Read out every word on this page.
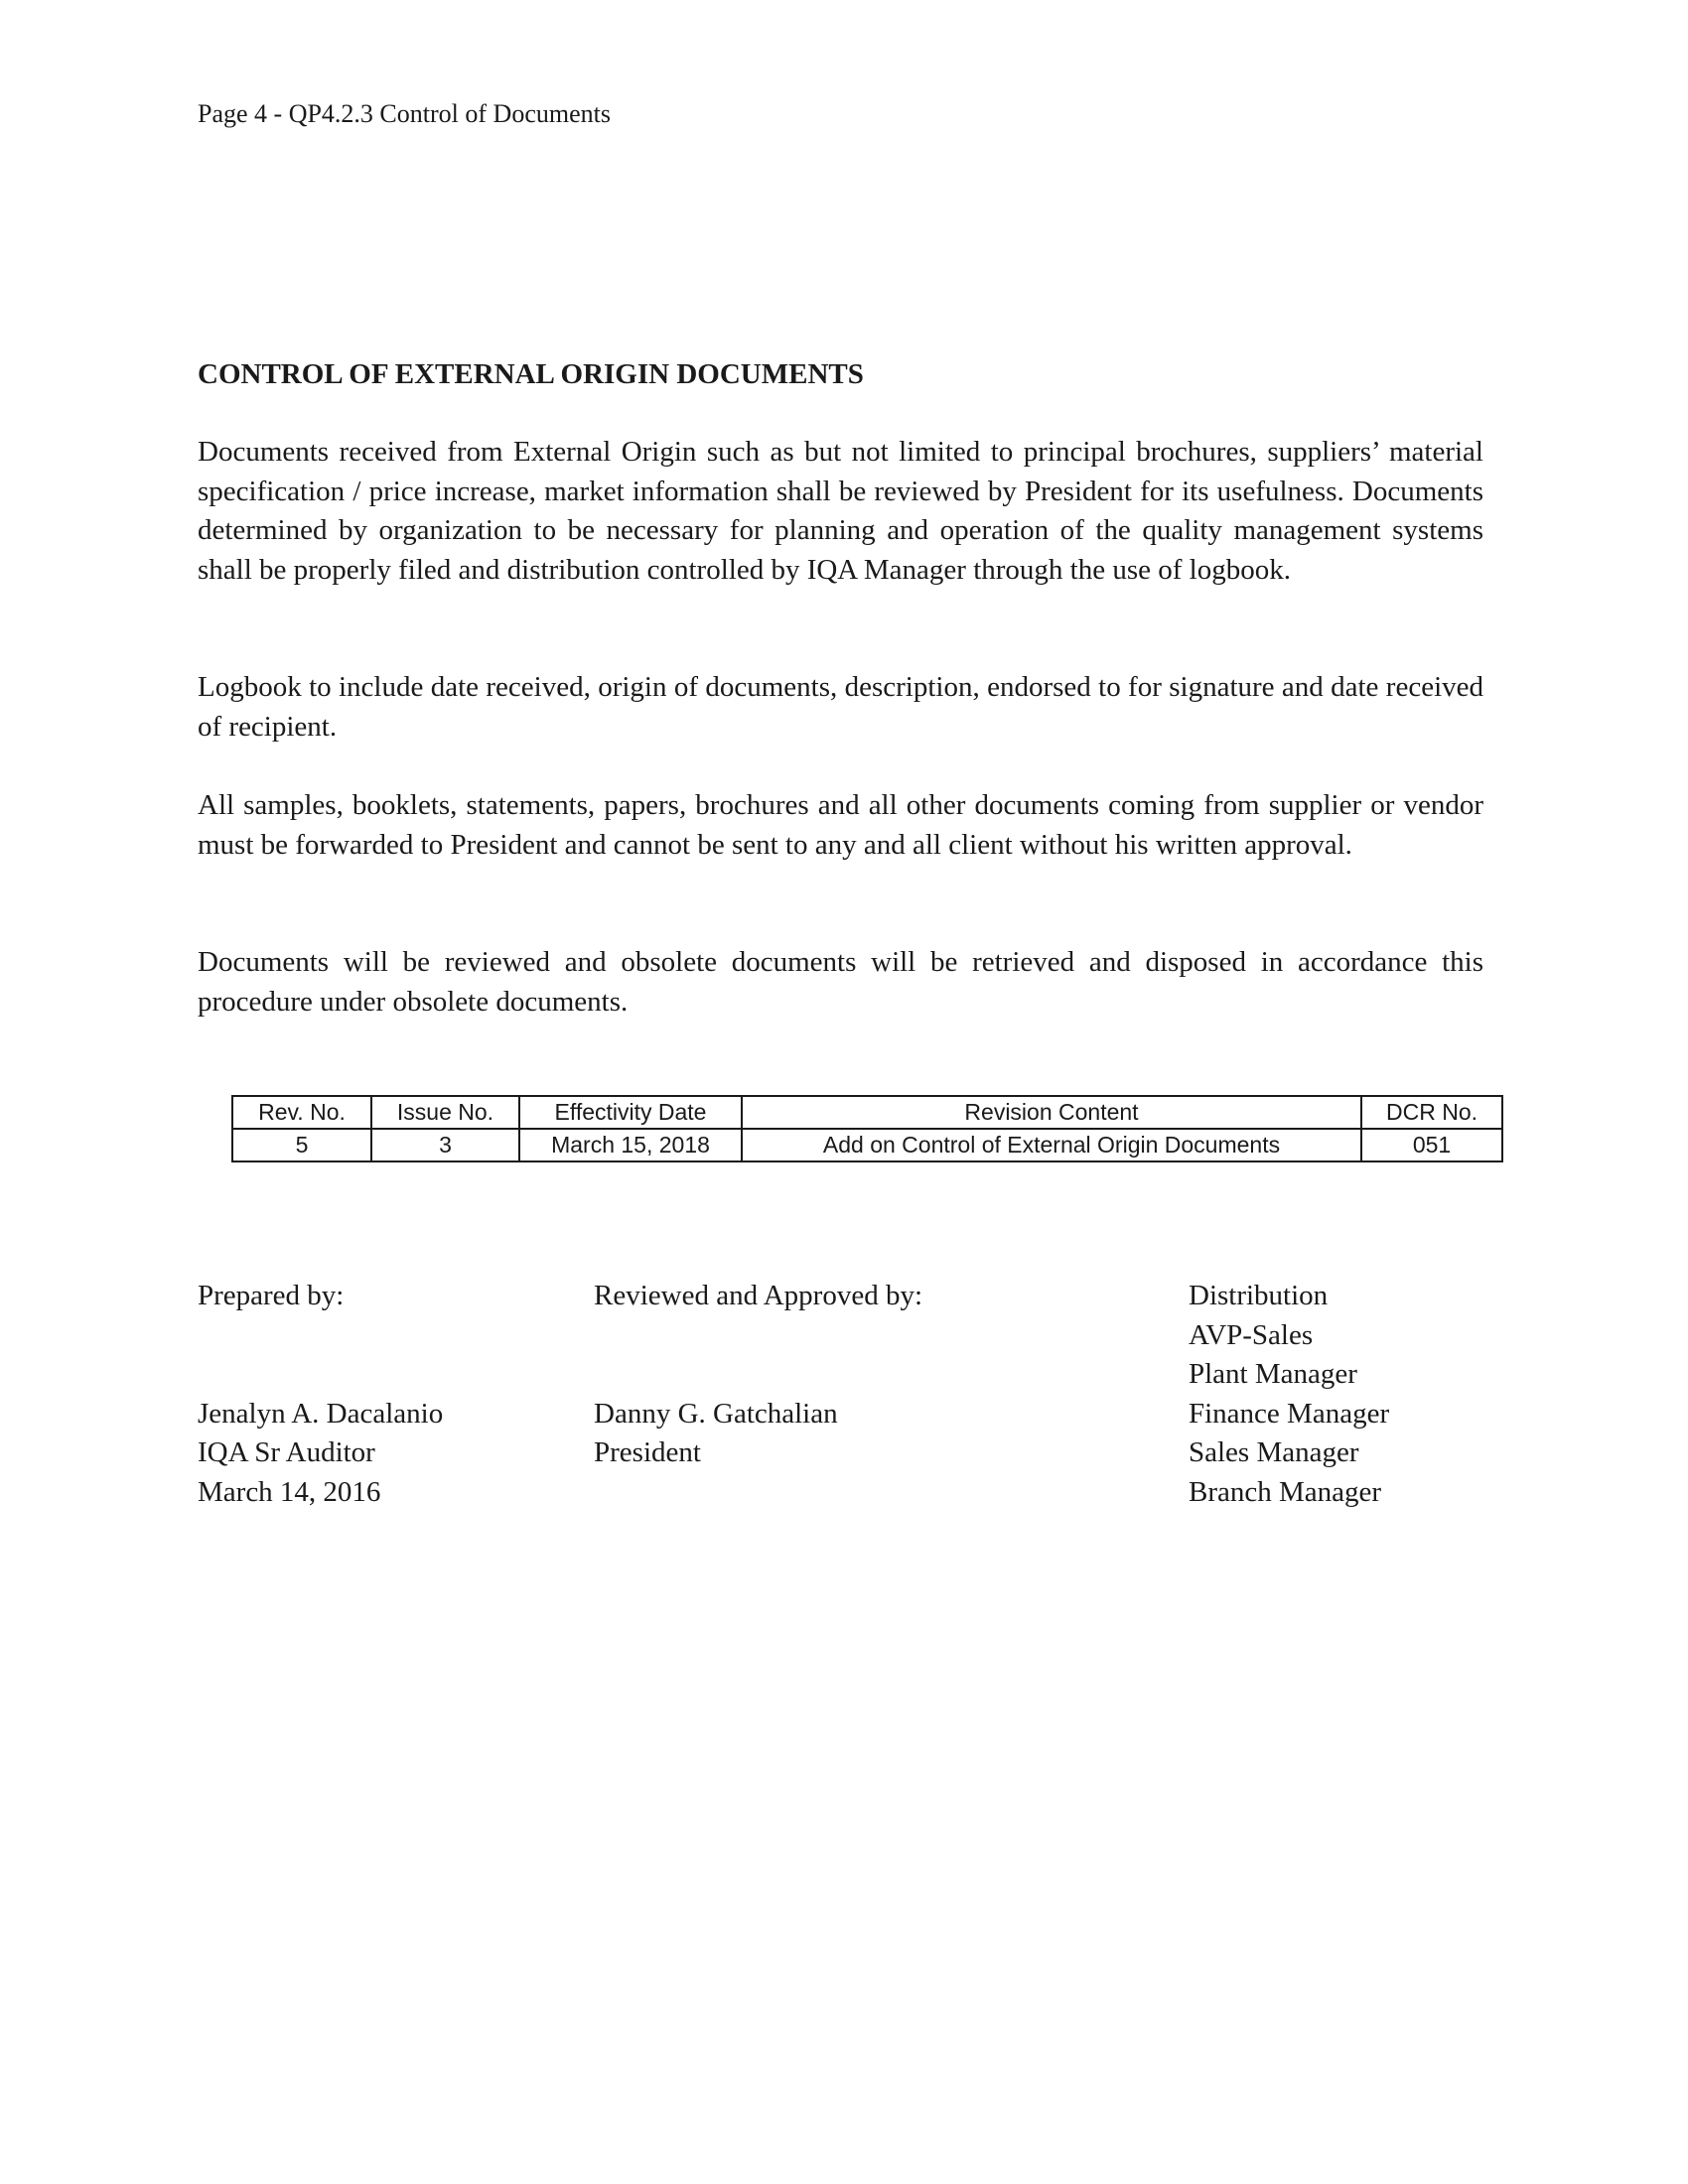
Page 4 - QP4.2.3 Control of Documents
CONTROL OF EXTERNAL ORIGIN DOCUMENTS

Documents received from External Origin such as but not limited to principal brochures, suppliers’ material specification / price increase, market information shall be reviewed by President for its usefulness. Documents determined by organization to be necessary for planning and operation of the quality management systems shall be properly filed and distribution controlled by IQA Manager through the use of logbook.

Logbook to include date received, origin of documents, description, endorsed to for signature and date received of recipient.

All samples, booklets, statements, papers, brochures and all other documents coming from supplier or vendor must be forwarded to President and cannot be sent to any and all client without his written approval.

Documents will be reviewed and obsolete documents will be retrieved and disposed in accordance this procedure under obsolete documents.

Rev. No.	Issue No.	Effectivity Date	Revision Content	DCR No.
5	3	March 15, 2018	Add on Control of External Origin Documents	051
Prepared by:
Jenalyn A. Dacalanio
IQA Sr Auditor
March 14, 2016
Reviewed and Approved by:
Danny G. Gatchalian
President
Distribution
AVP-Sales
Plant Manager
Finance Manager
Sales Manager
Branch Manager
